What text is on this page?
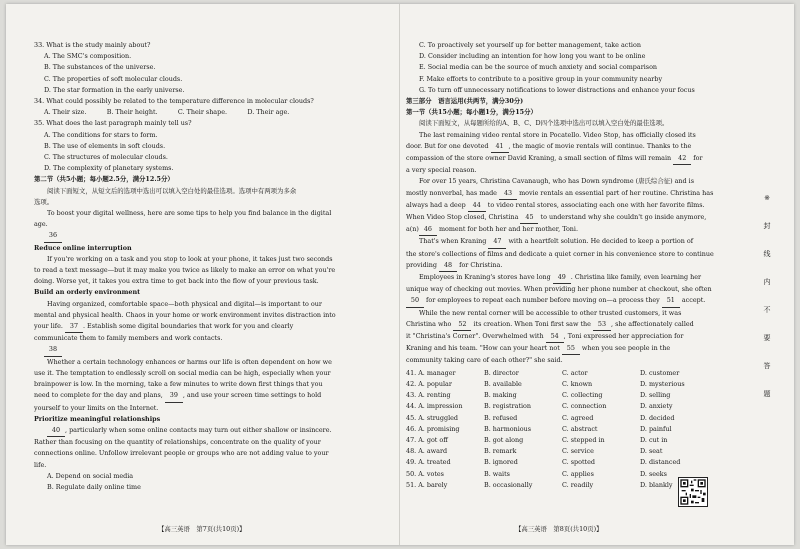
33. What is the study mainly about?

A. The SMC's composition.

B. The substances of the universe.

C. The properties of soft molecular clouds.

D. The star formation in the early universe.

34. What could possibly be related to the temperature difference in molecular clouds?

A. Their size.          B. Their height.          C. Their shape.          D. Their age.

35. What does the last paragraph mainly tell us?

A. The conditions for stars to form.

B. The use of elements in soft clouds.

C. The structures of molecular clouds.

D. The complexity of planetary systems.

第二节（共5小题；每小题2.5分，满分12.5分）

阅读下面短文，从短文后的选项中选出可以填入空白处的最佳选项。选项中有两项为多余

选项。

To boost your digital wellness, here are some tips to help you find balance in the digital

age.

36

Reduce online interruption

If you're working on a task and you stop to look at your phone, it takes just two seconds

to read a text message—but it may make you twice as likely to make an error on what you're

doing. Worse yet, it takes you extra time to get back into the flow of your previous task.

Build an orderly environment

Having organized, comfortable space—both physical and digital—is important to our

mental and physical health. Chaos in your home or work environment invites distraction into

your life. 37 . Establish some digital boundaries that work for you and clearly

communicate them to family members and work contacts.

38

Whether a certain technology enhances or harms our life is often dependent on how we

use it. The temptation to endlessly scroll on social media can be high, especially when your

brainpower is low. In the morning, take a few minutes to write down first things that you

need to complete for the day and plans, 39 , and use your screen time settings to hold

yourself to your limits on the Internet.

Prioritize meaningful relationships

40 , particularly when some online contacts may turn out either shallow or insincere.

Rather than focusing on the quantity of relationships, concentrate on the quality of your

connections online. Unfollow irrelevant people or groups who are not adding value to your

life.

A. Depend on social media

B. Regulate daily online time

C. To proactively set yourself up for better management, take action

D. Consider including an intention for how long you want to be online

E. Social media can be the source of much anxiety and social comparison

F. Make efforts to contribute to a positive group in your community nearby

G. To turn off unnecessary notifications to lower distractions and enhance your focus

第三部分　语言运用(共两节，满分30分)

第一节（共15小题；每小题1分，满分15分）

阅读下面短文，从每题所给的A、B、C、D四个选项中选出可以填入空白处的最佳选项。

The last remaining video rental store in Pocatello. Video Stop, has officially closed its

door. But for one devoted 41 , the magic of movie rentals will continue. Thanks to the

compassion of the store owner David Kraning, a small section of films will remain 42 for

a very special reason.

For over 15 years, Christina Cavanaugh, who has Down syndrome (唐氏综合征) and is

mostly nonverbal, has made 43 movie rentals an essential part of her routine. Christina has

always had a deep 44 to video rental stores, associating each one with her favorite films.

When Video Stop closed, Christina 45 to understand why she couldn't go inside anymore,

a(n) 46 moment for both her and her mother, Toni.

That's when Kraning 47 with a heartfelt solution. He decided to keep a portion of

the store's collections of films and dedicate a quiet corner in his convenience store to continue

providing 48 for Christina.

Employees in Kraning's stores have long 49 . Christina like family, even learning her

unique way of checking out movies. When providing her phone number at checkout, she often

50 for employees to repeat each number before moving on—a process they 51 accept.

While the new rental corner will be accessible to other trusted customers, it was

Christina who 52 its creation. When Toni first saw the 53 , she affectionately called

it "Christina's Corner". Overwhelmed with 54 , Toni expressed her appreciation for

Kraning and his team. "How can your heart not 55 when you see people in the

community taking care of each other?" she said.

41. A. manager	B. director	C. actor	D. customer
42. A. popular	B. available	C. known	D. mysterious
43. A. renting	B. making	C. collecting	D. selling
44. A. impression	B. registration	C. connection	D. anxiety
45. A. struggled	B. refused	C. agreed	D. decided
46. A. promising	B. harmonious	C. abstract	D. painful
47. A. got off	B. got along	C. stepped in	D. cut in
48. A. award	B. remark	C. service	D. seat
49. A. treated	B. ignored	C. spotted	D. distanced
50. A. votes	B. waits	C. applies	D. seeks
51. A. barely	B. occasionally	C. readily	D. blankly
【高三英语　第7页(共10页)】	【高三英语　第8页(共10页)】
※
封
线
内
不
要
答
题
